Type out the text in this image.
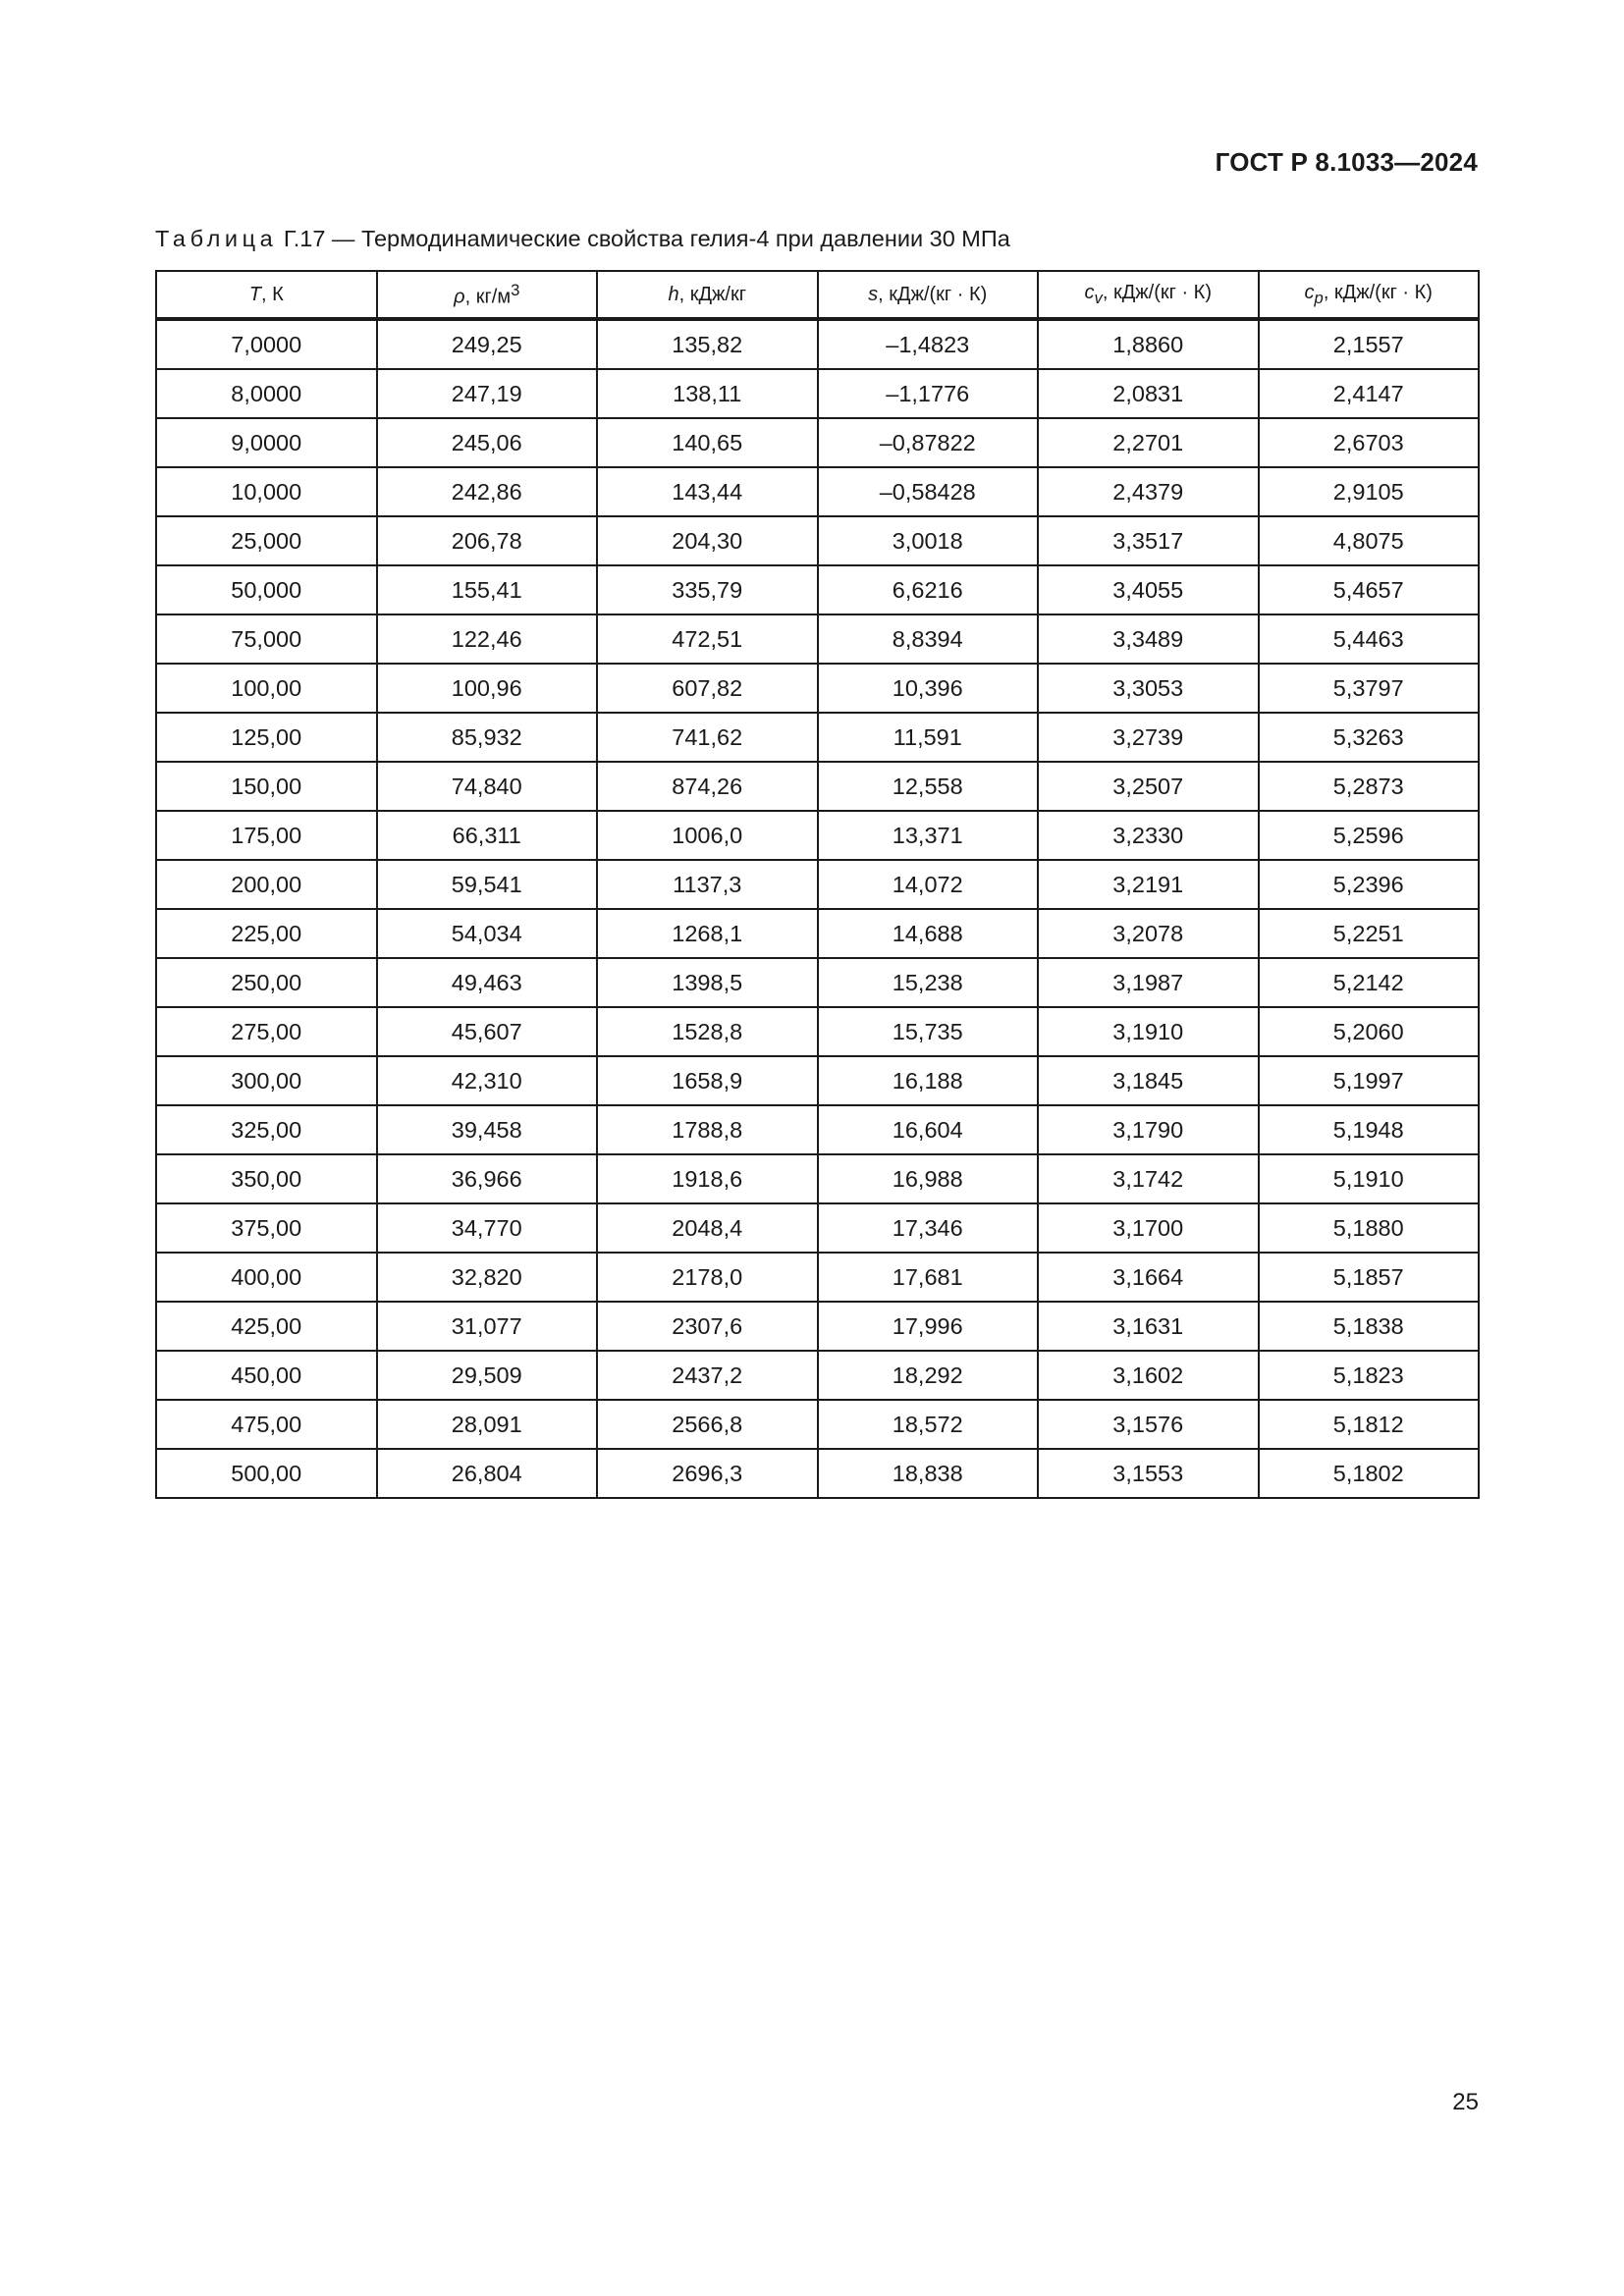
ГОСТ Р 8.1033—2024
Таблица Г.17 — Термодинамические свойства гелия-4 при давлении 30 МПа
T, К	ρ, $кг/м^3$	h, кДж/кг	s, кДж/(кг · К)	$c_v$, кДж/(кг · К)	$c_p$, кДж/(кг · К)
7,0000	249,25	135,82	–1,4823	1,8860	2,1557
8,0000	247,19	138,11	–1,1776	2,0831	2,4147
9,0000	245,06	140,65	–0,87822	2,2701	2,6703
10,000	242,86	143,44	–0,58428	2,4379	2,9105
25,000	206,78	204,30	3,0018	3,3517	4,8075
50,000	155,41	335,79	6,6216	3,4055	5,4657
75,000	122,46	472,51	8,8394	3,3489	5,4463
100,00	100,96	607,82	10,396	3,3053	5,3797
125,00	85,932	741,62	11,591	3,2739	5,3263
150,00	74,840	874,26	12,558	3,2507	5,2873
175,00	66,311	1006,0	13,371	3,2330	5,2596
200,00	59,541	1137,3	14,072	3,2191	5,2396
225,00	54,034	1268,1	14,688	3,2078	5,2251
250,00	49,463	1398,5	15,238	3,1987	5,2142
275,00	45,607	1528,8	15,735	3,1910	5,2060
300,00	42,310	1658,9	16,188	3,1845	5,1997
325,00	39,458	1788,8	16,604	3,1790	5,1948
350,00	36,966	1918,6	16,988	3,1742	5,1910
375,00	34,770	2048,4	17,346	3,1700	5,1880
400,00	32,820	2178,0	17,681	3,1664	5,1857
425,00	31,077	2307,6	17,996	3,1631	5,1838
450,00	29,509	2437,2	18,292	3,1602	5,1823
475,00	28,091	2566,8	18,572	3,1576	5,1812
500,00	26,804	2696,3	18,838	3,1553	5,1802
25
